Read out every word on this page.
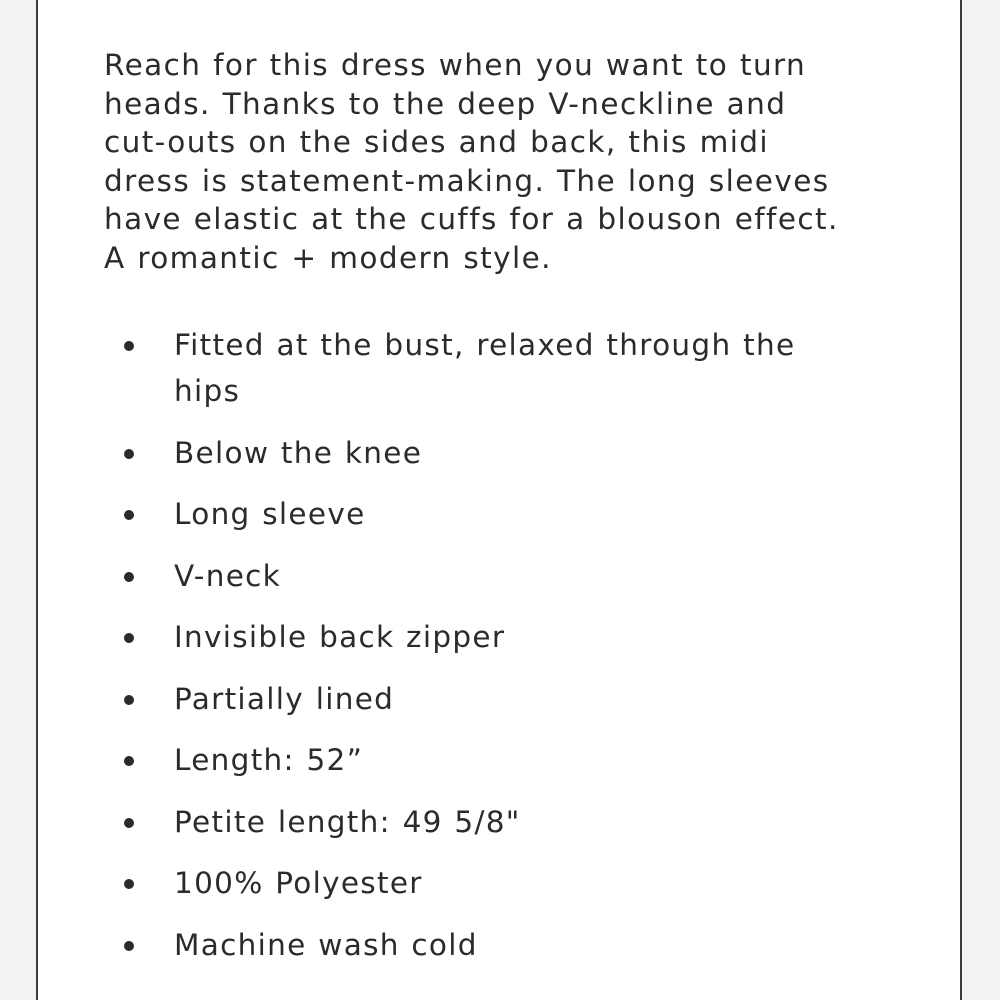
Reach for this dress when you want to turn
heads. Thanks to the deep V-neckline and
cut-outs on the sides and back, this midi
dress is statement-making. The long sleeves
have elastic at the cuffs for a blouson effect.
A romantic + modern style.

Fitted at the bust, relaxed through the hips
Below the knee
Long sleeve
V-neck
Invisible back zipper
Partially lined
Length: 52”
Petite length: 49 5/8"
100% Polyester
Machine wash cold
